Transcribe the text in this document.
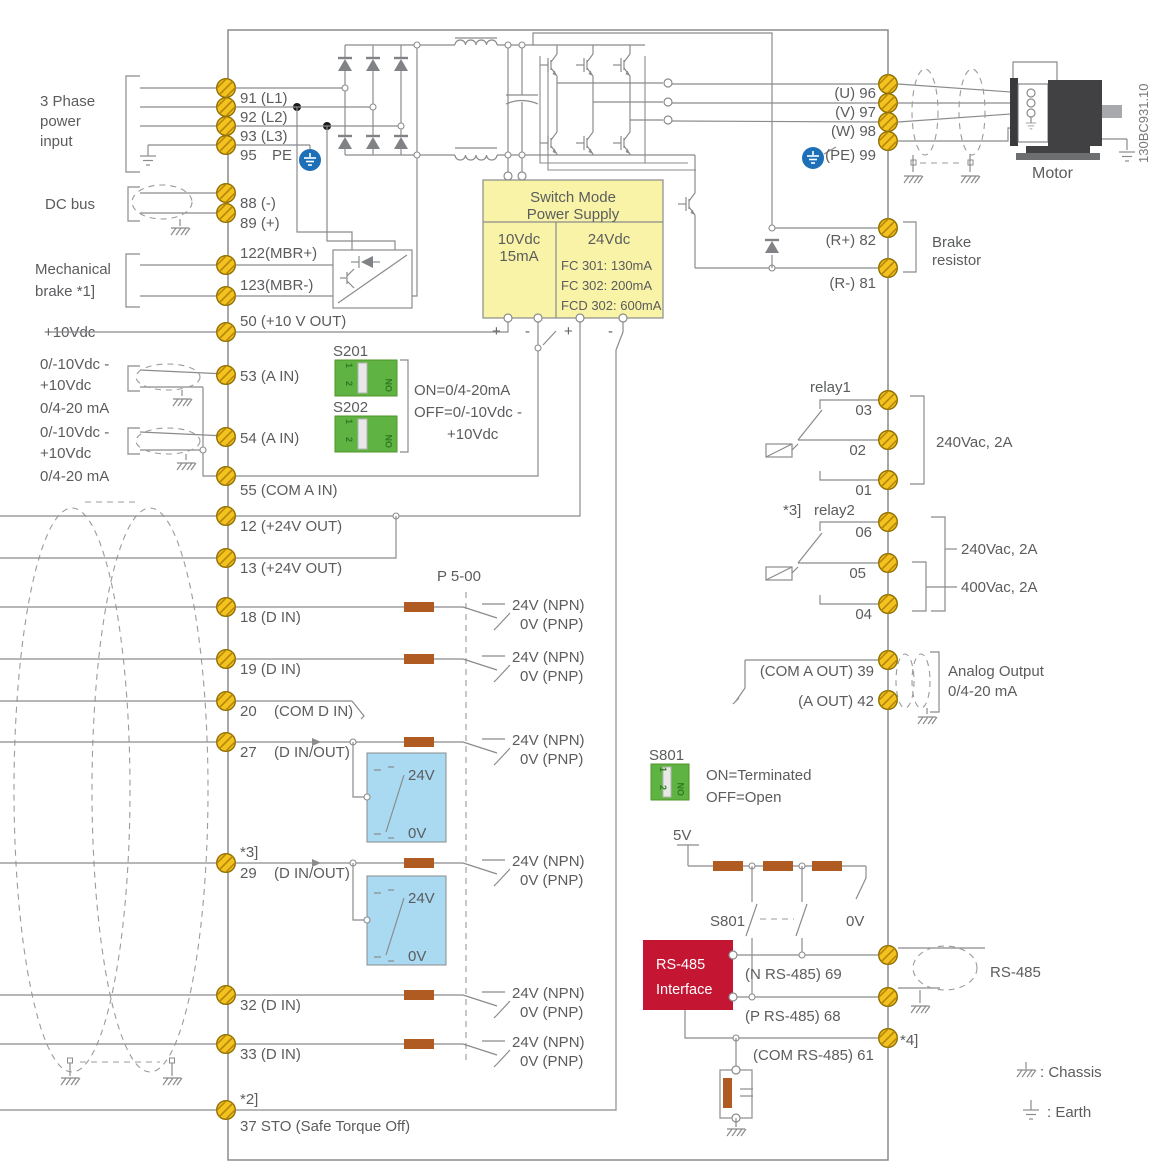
3 Phase
power
input
DC bus
Mechanical
brake *1]
Switch Mode
Power Supply
10Vdc
15mA
24Vdc
FC 301: 130mA
FC 302: 200mA
FCD 302: 600mA
+ - + -
+10Vdc
0/-10Vdc -
+10Vdc
0/4-20 mA
0/-10Vdc -
+10Vdc
0/4-20 mA
S201
1
2	ON
S202
1
2	ON
ON=0/4-20mA
OFF=0/-10Vdc -
+10Vdc
P 5-00
24V (NPN)
0V (PNP)
24V (NPN)
0V (PNP)
24V (NPN)
0V (PNP)
24V
0V
24V (NPN)
0V (PNP)
24V
0V
24V (NPN)
0V (PNP)
24V (NPN)
0V (PNP)
relay1
240Vac, 2A
03
02
01
*3] relay2
240Vac, 2A
400Vac, 2A
06
05
04
(COM A OUT) 39
(A OUT) 42
Analog Output
0/4-20 mA
S801
1
2 ON
ON=Terminated
OFF=Open
5V
S801	0V
RS-485
Interface
(N RS-485) 69
(P RS-485) 68
(COM RS-485) 61
*4]
RS-485
Motor
130BC931.10
Brake
resistor
91 (L1)
92 (L2)
93 (L3)
95 PE
88 (-)
89 (+)
122(MBR+)
123(MBR-)
50 (+10 V OUT)
53 (A IN)
54 (A IN)
55 (COM A IN)
12 (+24V OUT)
13 (+24V OUT)
18 (D IN)
19 (D IN)
20 (COM D IN)
27 (D IN/OUT)
*3]
29 (D IN/OUT)
32 (D IN)
33 (D IN)
*2]
37 STO (Safe Torque Off)
(U) 96
(V) 97
(W) 98
(PE) 99
(R+) 82
(R-) 81
: Chassis
: Earth
